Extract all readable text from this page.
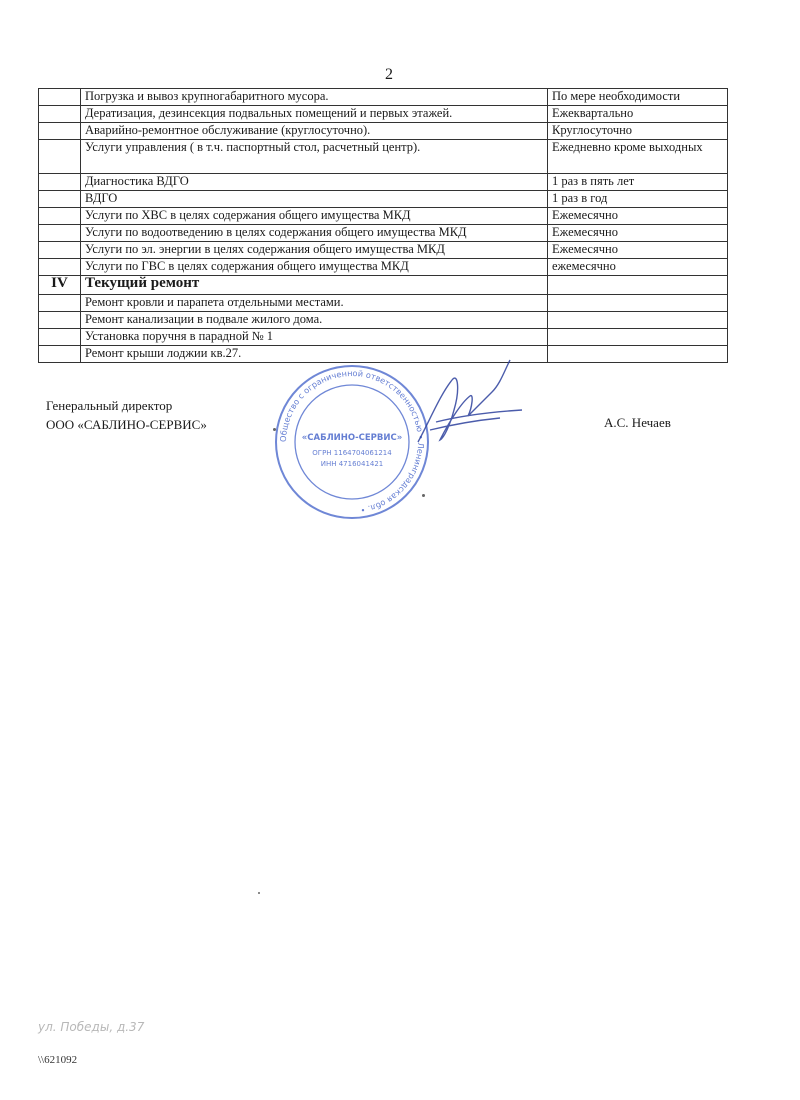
2
	Погрузка и вывоз крупногабаритного мусора.	По мере необходимости
	Дератизация, дезинсекция подвальных помещений и первых этажей.	Ежеквартально
	Аварийно-ремонтное обслуживание (круглосуточно).	Круглосуточно
	Услуги управления ( в т.ч. паспортный стол, расчетный центр).	Ежедневно кроме выходных
	Диагностика ВДГО	1 раз в пять лет
	ВДГО	1 раз в год
	Услуги по ХВС в целях содержания общего имущества МКД	Ежемесячно
	Услуги по водоотведению в целях содержания общего имущества МКД	Ежемесячно
	Услуги по эл. энергии в целях содержания общего имущества МКД	Ежемесячно
	Услуги по ГВС в целях содержания общего имущества МКД	ежемесячно
IV	Текущий ремонт	
	Ремонт кровли и парапета отдельными местами.	
	Ремонт канализации в подвале жилого дома.	
	Установка поручня в парадной № 1	
	Ремонт крыши лоджии кв.27.	
Генеральный директор
ООО «САБЛИНО-СЕРВИС»	А.С. Нечаев
Общество с ограниченной ответственностью • Ленинградская обл. •
«САБЛИНО-СЕРВИС»
ОГРН 1164704061214
ИНН 4716041421
ул. Победы, д.37
\\621092
